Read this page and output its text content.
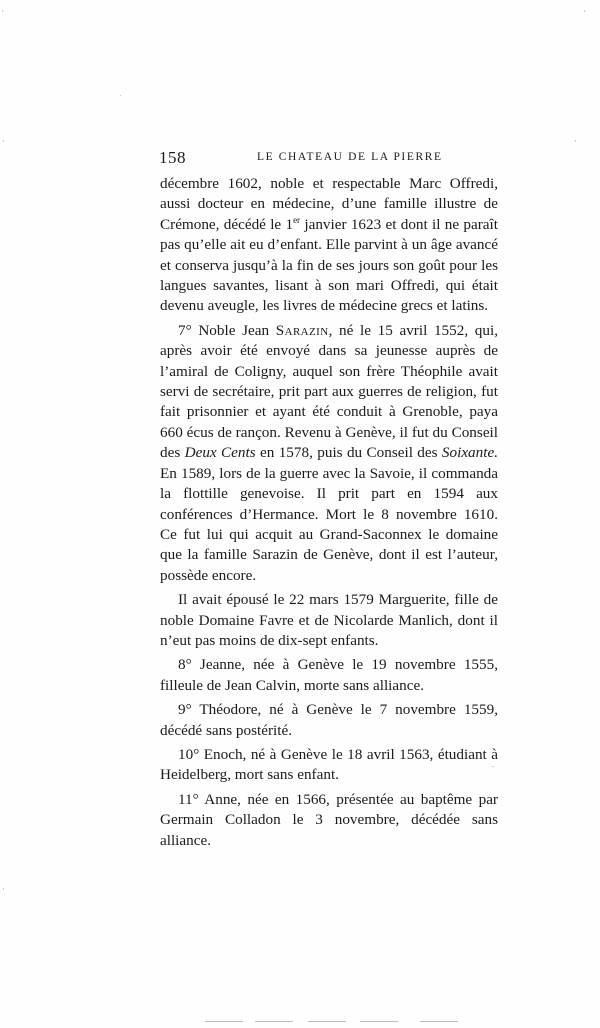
158	LE CHATEAU DE LA PIERRE

décembre 1602, noble et respectable Marc Offredi, aussi docteur en médecine, d’une famille illustre de Crémone, décédé le 1er janvier 1623 et dont il ne paraît pas qu’elle ait eu d’enfant. Elle parvint à un âge avancé et conserva jusqu’à la fin de ses jours son goût pour les langues savantes, lisant à son mari Offredi, qui était devenu aveugle, les livres de médecine grecs et latins.

7° Noble Jean Sarazin, né le 15 avril 1552, qui, après avoir été envoyé dans sa jeunesse auprès de l’amiral de Coligny, auquel son frère Théophile avait servi de secrétaire, prit part aux guerres de religion, fut fait prisonnier et ayant été conduit à Grenoble, paya 660 écus de rançon. Revenu à Genève, il fut du Conseil des Deux Cents en 1578, puis du Conseil des Soixante. En 1589, lors de la guerre avec la Savoie, il commanda la flottille genevoise. Il prit part en 1594 aux conférences d’Hermance. Mort le 8 novembre 1610. Ce fut lui qui acquit au Grand-Saconnex le domaine que la famille Sarazin de Genève, dont il est l’auteur, possède encore.

Il avait épousé le 22 mars 1579 Marguerite, fille de noble Domaine Favre et de Nicolarde Manlich, dont il n’eut pas moins de dix-sept enfants.

8° Jeanne, née à Genève le 19 novembre 1555, filleule de Jean Calvin, morte sans alliance.

9° Théodore, né à Genève le 7 novembre 1559, décédé sans postérité.

10° Enoch, né à Genève le 18 avril 1563, étudiant à Heidelberg, mort sans enfant.

11° Anne, née en 1566, présentée au baptême par Germain Colladon le 3 novembre, décédée sans alliance.
